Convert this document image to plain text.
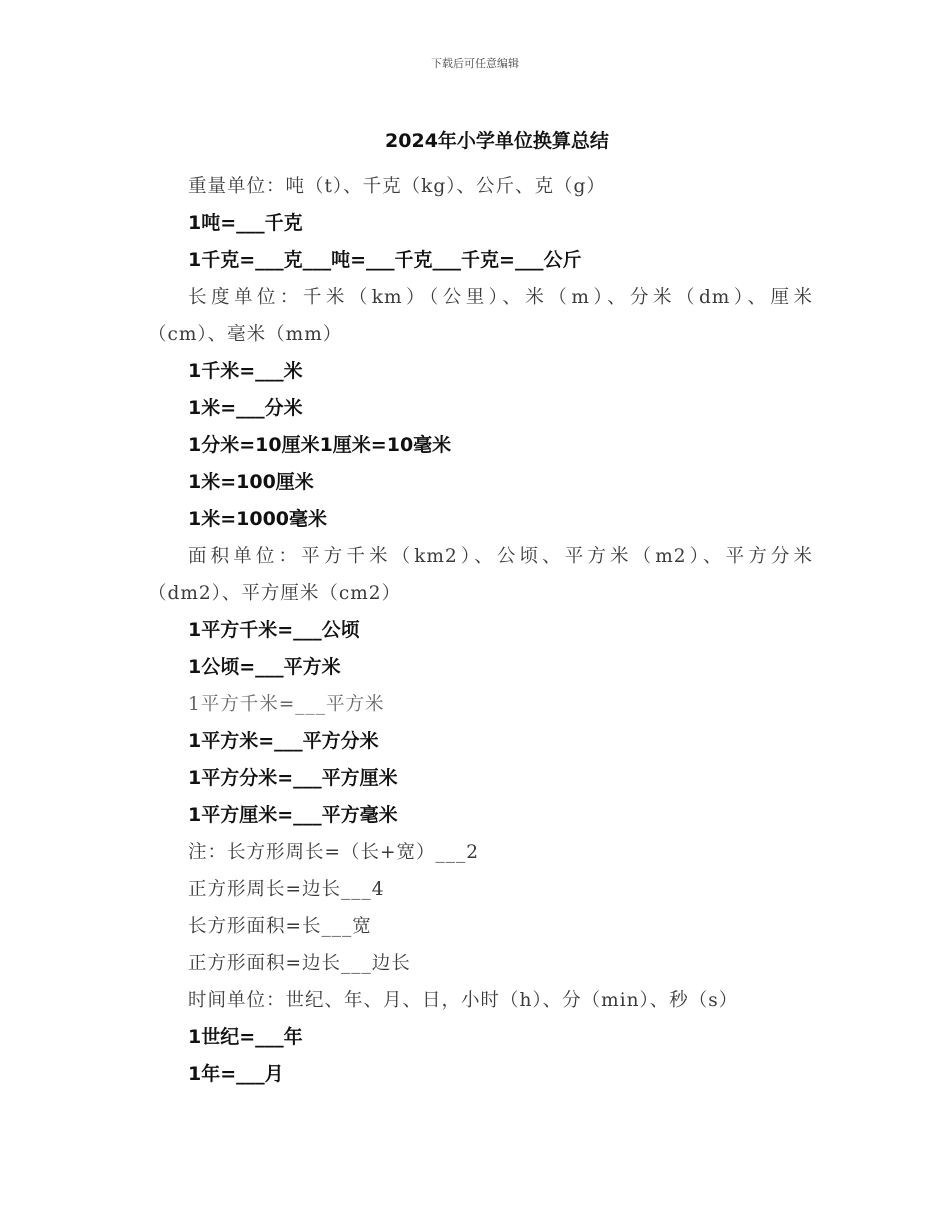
下载后可任意编辑
2024年小学单位换算总结
重量单位：吨（t）、千克（kg）、公斤、克（g）
1吨=___千克
1千克=___克___吨=___千克___千克=___公斤
长度单位：千米（km）（公里）、米（m）、分米（dm）、厘米
（cm）、毫米（mm）
1千米=___米
1米=___分米
1分米=10厘米1厘米=10毫米
1米=100厘米
1米=1000毫米
面积单位：平方千米（km2）、公顷、平方米（m2）、平方分米
（dm2）、平方厘米（cm2）
1平方千米=___公顷
1公顷=___平方米
1平方千米=___平方米
1平方米=___平方分米
1平方分米=___平方厘米
1平方厘米=___平方毫米
注：长方形周长=（长+宽）___2
正方形周长=边长___4
长方形面积=长___宽
正方形面积=边长___边长
时间单位：世纪、年、月、日，小时（h）、分（min）、秒（s）
1世纪=___年
1年=___月
